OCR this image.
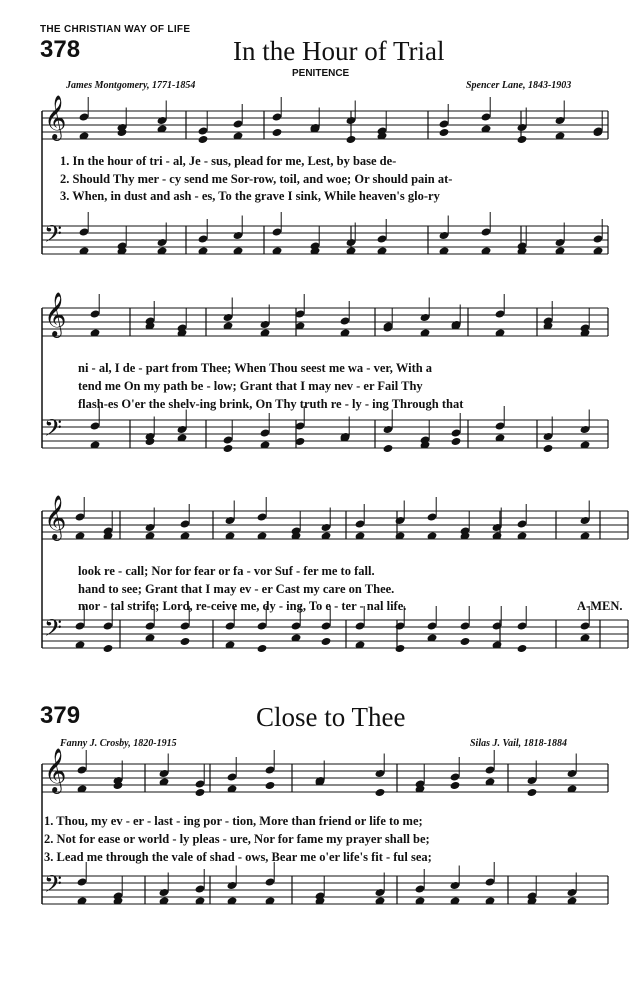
THE CHRISTIAN WAY OF LIFE
378	In the Hour of Trial
PENITENCE
James Montgomery, 1771-1854	Spencer Lane, 1843-1903
1. In the hour of tri - al, Je - sus, plead for me, Lest, by base de-
2. Should Thy mer - cy send me Sor-row, toil, and woe; Or should pain at-
3. When, in dust and ash - es, To the grave I sink, While heaven's glo-ry
ni - al, I de - part from Thee; When Thou seest me wa - ver, With a
tend me On my path be - low; Grant that I may nev - er Fail Thy
flash-es O'er the shelv-ing brink, On Thy truth re - ly - ing Through that
look re - call; Nor for fear or fa - vor Suf - fer me to fall.
hand to see; Grant that I may ev - er Cast my care on Thee.
mor - tal strife; Lord, re-ceive me, dy - ing, To e - ter - nal life.	A-MEN.
379	Close to Thee
Fanny J. Crosby, 1820-1915	Silas J. Vail, 1818-1884
1. Thou, my ev - er - last - ing por - tion, More than friend or life to me;
2. Not for ease or world - ly pleas - ure, Nor for fame my prayer shall be;
3. Lead me through the vale of shad - ows, Bear me o'er life's fit - ful sea;
𝄞
𝄢
𝄞
𝄢
𝄞
𝄢
𝄞
𝄢
